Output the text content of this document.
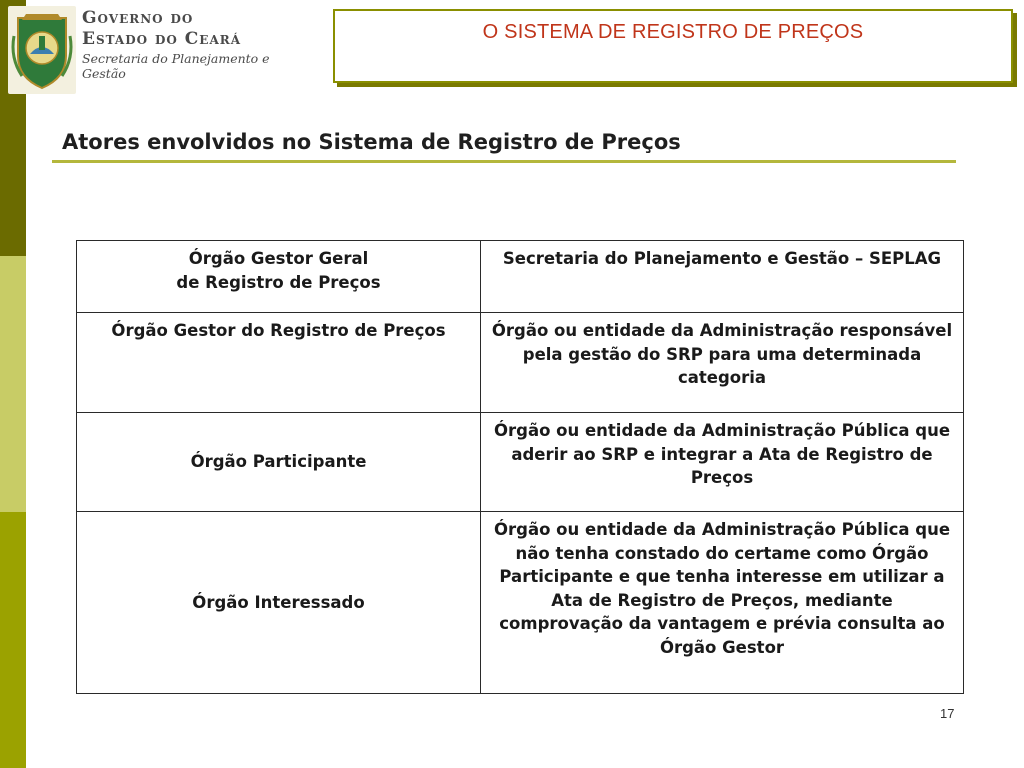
Governo do
Estado do Ceará
Secretaria do Planejamento e Gestão
O SISTEMA DE REGISTRO DE PREÇOS
Atores envolvidos no Sistema de Registro de Preços
Órgão Gestor Geral
de Registro de Preços	Secretaria do Planejamento e Gestão – SEPLAG
Órgão Gestor do Registro de Preços	Órgão ou entidade da Administração responsável pela gestão do SRP para uma determinada categoria
Órgão Participante	Órgão ou entidade da Administração Pública que aderir ao SRP e integrar a Ata de Registro de Preços
Órgão Interessado	Órgão ou entidade da Administração Pública que não tenha constado do certame como Órgão Participante e que tenha interesse em utilizar a Ata de Registro de Preços, mediante comprovação da vantagem e prévia consulta ao Órgão Gestor
17
